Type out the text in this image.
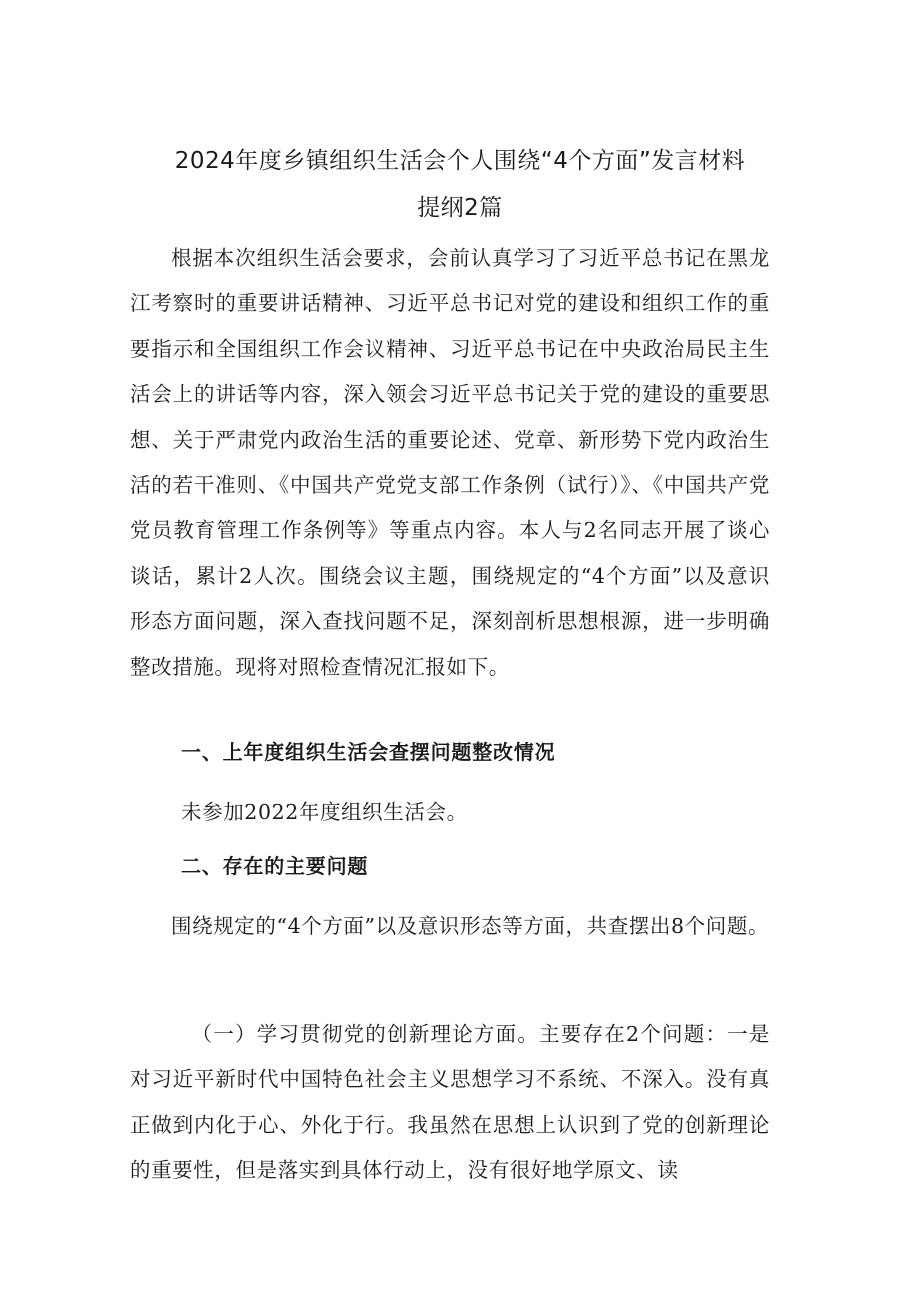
2024年度乡镇组织生活会个人围绕“4个方面”发言材料
提纲2篇

根据本次组织生活会要求，会前认真学习了习近平总书记在黑龙江考察时的重要讲话精神、习近平总书记对党的建设和组织工作的重要指示和全国组织工作会议精神、习近平总书记在中央政治局民主生活会上的讲话等内容，深入领会习近平总书记关于党的建设的重要思想、关于严肃党内政治生活的重要论述、党章、新形势下党内政治生活的若干准则、《中国共产党党支部工作条例（试行）》、《中国共产党党员教育管理工作条例等》等重点内容。本人与2名同志开展了谈心谈话，累计2人次。围绕会议主题，围绕规定的“4个方面”以及意识形态方面问题，深入查找问题不足，深刻剖析思想根源，进一步明确整改措施。现将对照检查情况汇报如下。

一、上年度组织生活会查摆问题整改情况
未参加2022年度组织生活会。
二、存在的主要问题

围绕规定的“4个方面”以及意识形态等方面，共查摆出8个问题。

（一）学习贯彻党的创新理论方面。主要存在2个问题：一是对习近平新时代中国特色社会主义思想学习不系统、不深入。没有真正做到内化于心、外化于行。我虽然在思想上认识到了党的创新理论的重要性，但是落实到具体行动上，没有很好地学原文、读
